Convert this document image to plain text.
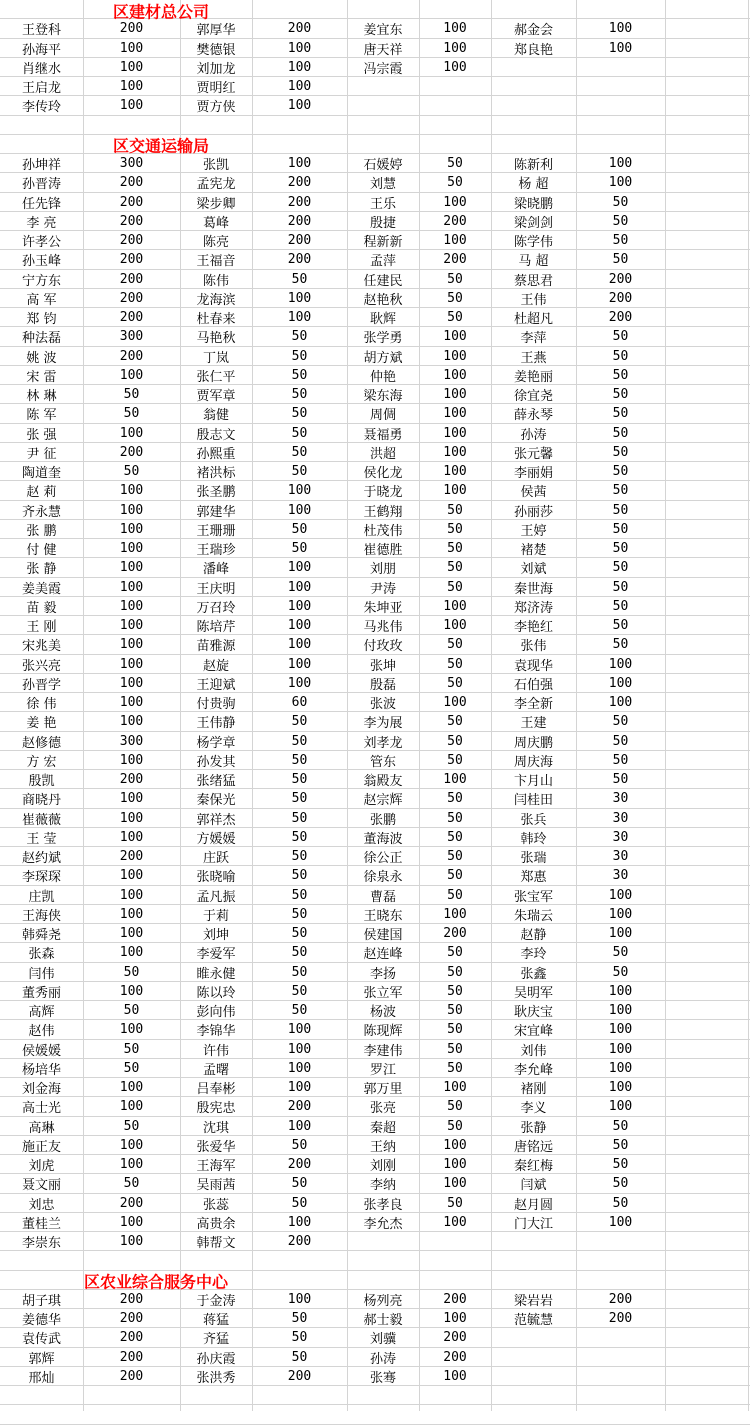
区建材总公司
王登科	200	郭厚华	200	姜宜东	100	郝金会	100
孙海平	100	樊德银	100	唐天祥	100	郑良艳	100
肖继水	100	刘加龙	100	冯宗霞	100
王启龙	100	贾明红	100
李传玲	100	贾方侠	100
区交通运输局
孙坤祥	300	张凯	100	石媛婷	50	陈新利	100
孙晋涛	200	孟宪龙	200	刘慧	50	杨 超	100
任先锋	200	梁步卿	200	王乐	100	梁晓鹏	50
李 亮	200	葛峰	200	殷捷	200	梁剑剑	50
许孝公	200	陈亮	200	程新新	100	陈学伟	50
孙玉峰	200	王福音	200	孟萍	200	马 超	50
宁方东	200	陈伟	50	任建民	50	蔡思君	200
高 军	200	龙海滨	100	赵艳秋	50	王伟	200
郑 钧	200	杜春来	100	耿辉	50	杜超凡	200
种法磊	300	马艳秋	50	张学勇	100	李萍	50
姚 波	200	丁岚	50	胡方斌	100	王燕	50
宋 雷	100	张仁平	50	仲艳	100	姜艳丽	50
林 琳	50	贾军章	50	梁东海	100	徐宜尧	50
陈 军	50	翁健	50	周倜	100	薛永琴	50
张 强	100	殷志文	50	聂福勇	100	孙涛	50
尹 征	200	孙熙重	50	洪超	100	张元馨	50
陶道奎	50	褚洪标	50	侯化龙	100	李丽娟	50
赵 莉	100	张圣鹏	100	于晓龙	100	侯茜	50
齐永慧	100	郭建华	100	王鹤翔	50	孙丽莎	50
张 鹏	100	王珊珊	50	杜茂伟	50	王婷	50
付 健	100	王瑞珍	50	崔德胜	50	褚楚	50
张 静	100	潘峰	100	刘朋	50	刘斌	50
姜美霞	100	王庆明	100	尹涛	50	秦世海	50
苗 毅	100	万召玲	100	朱坤亚	100	郑济涛	50
王 刚	100	陈培芹	100	马兆伟	100	李艳红	50
宋兆美	100	苗雅源	100	付玫玫	50	张伟	50
张兴亮	100	赵旋	100	张坤	50	袁现华	100
孙晋学	100	王迎斌	100	殷磊	50	石伯强	100
徐 伟	100	付贵驹	60	张波	100	李全新	100
姜 艳	100	王伟静	50	李为展	50	王建	50
赵修德	300	杨学章	50	刘孝龙	50	周庆鹏	50
方 宏	100	孙发其	50	管东	50	周庆海	50
殷凯	200	张绪猛	50	翁殿友	100	卞月山	50
商晓丹	100	秦保光	50	赵宗辉	50	闫桂田	30
崔薇薇	100	郭祥杰	50	张鹏	50	张兵	30
王 莹	100	方媛媛	50	董海波	50	韩玲	30
赵约斌	200	庄跃	50	徐公正	50	张瑞	30
李琛琛	100	张晓喻	50	徐泉永	50	郑惠	30
庄凯	100	孟凡振	50	曹磊	50	张宝军	100
王海侠	100	于莉	50	王晓东	100	朱瑞云	100
韩舜尧	100	刘坤	50	侯建国	200	赵静	100
张森	100	李爱军	50	赵连峰	50	李玲	50
闫伟	50	睢永健	50	李扬	50	张鑫	50
董秀丽	100	陈以玲	50	张立军	50	吴明军	100
高辉	50	彭向伟	50	杨波	50	耿庆宝	100
赵伟	100	李锦华	100	陈现辉	50	宋宜峰	100
侯媛媛	50	许伟	100	李建伟	50	刘伟	100
杨培华	50	孟曙	100	罗江	50	李允峰	100
刘金海	100	吕奉彬	100	郭万里	100	褚刚	100
高士光	100	殷宪忠	200	张亮	50	李义	100
高琳	50	沈琪	100	秦超	50	张静	50
施正友	100	张爱华	50	王纳	100	唐铭远	50
刘虎	100	王海军	200	刘刚	100	秦红梅	50
聂文丽	50	吴雨茜	50	李纳	100	闫斌	50
刘忠	200	张蕊	50	张孝良	50	赵月圆	50
董桂兰	100	高贵余	100	李允杰	100	门大江	100
李崇东	100	韩帮文	200
区农业综合服务中心
胡子琪	200	于金涛	100	杨列亮	200	梁岩岩	200
姜德华	200	蒋猛	50	郝士毅	100	范毓慧	200
袁传武	200	齐猛	50	刘骥	200
郭辉	200	孙庆霞	50	孙涛	200
邢灿	200	张洪秀	200	张骞	100
